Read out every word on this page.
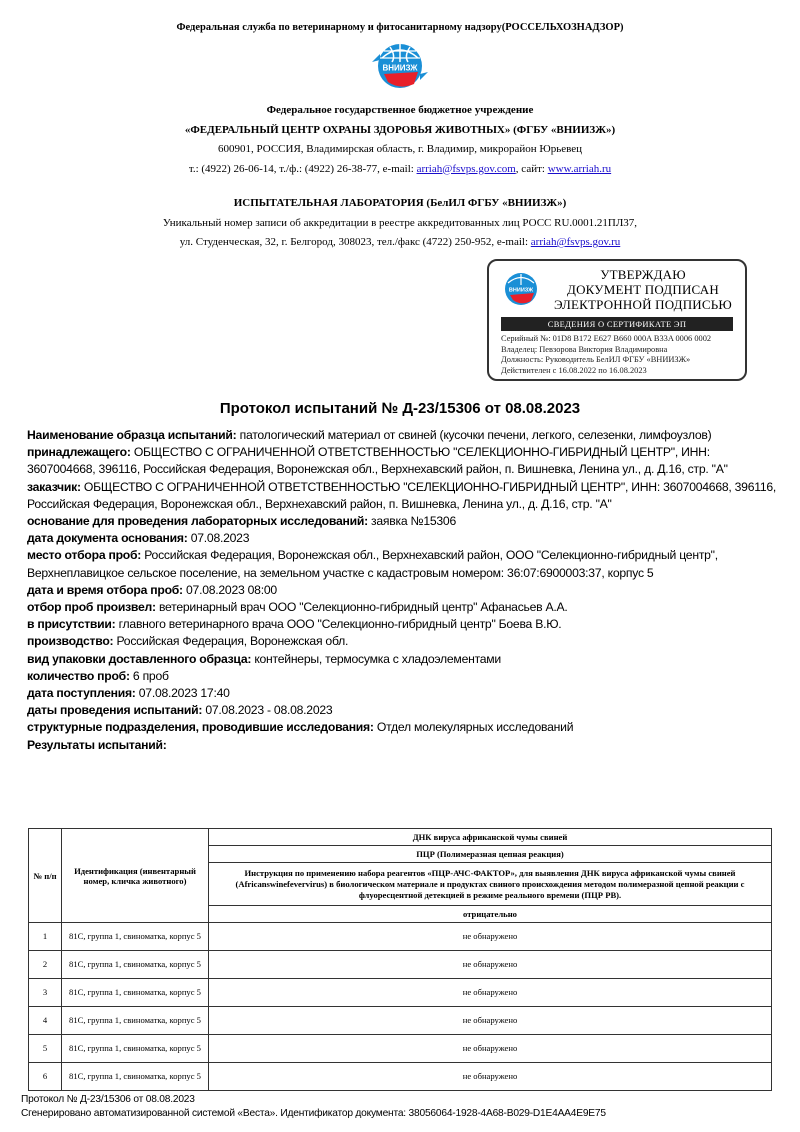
Федеральная служба по ветеринарному и фитосанитарному надзору(РОССЕЛЬХОЗНАДЗОР)
ВНИИЗЖ
Федеральное государственное бюджетное учреждение
«ФЕДЕРАЛЬНЫЙ ЦЕНТР ОХРАНЫ ЗДОРОВЬЯ ЖИВОТНЫХ» (ФГБУ «ВНИИЗЖ»)
600901, РОССИЯ, Владимирская область, г. Владимир, микрорайон Юрьевец
т.: (4922) 26-06-14, т./ф.: (4922) 26-38-77, e-mail: arriah@fsvps.gov.com, сайт: www.arriah.ru
ИСПЫТАТЕЛЬНАЯ ЛАБОРАТОРИЯ (БелИЛ ФГБУ «ВНИИЗЖ»)
Уникальный номер записи об аккредитации в реестре аккредитованных лиц РОСС RU.0001.21ПЛ37,
ул. Студенческая, 32, г. Белгород, 308023, тел./факс (4722) 250-952, e-mail: arriah@fsvps.gov.ru
ВНИИЗЖ
УТВЕРЖДАЮ
ДОКУМЕНТ ПОДПИСАН
ЭЛЕКТРОННОЙ ПОДПИСЬЮ
СВЕДЕНИЯ О СЕРТИФИКАТЕ ЭП
Серийный №: 01D8 B172 E627 B660 000A B33A 0006 0002
Владелец: Певзорова Виктория Владимировна
Должность: Руководитель БелИЛ ФГБУ «ВНИИЗЖ»
Действителен с 16.08.2022 по 16.08.2023
Протокол испытаний № Д-23/15306 от 08.08.2023

Наименование образца испытаний: патологический материал от свиней (кусочки печени, легкого, селезенки, лимфоузлов)

принадлежащего: ОБЩЕСТВО С ОГРАНИЧЕННОЙ ОТВЕТСТВЕННОСТЬЮ "СЕЛЕКЦИОННО-ГИБРИДНЫЙ ЦЕНТР", ИНН: 3607004668, 396116, Российская Федерация, Воронежская обл., Верхнехавский район, п. Вишневка, Ленина ул., д. Д.16, стр. "А"

заказчик: ОБЩЕСТВО С ОГРАНИЧЕННОЙ ОТВЕТСТВЕННОСТЬЮ "СЕЛЕКЦИОННО-ГИБРИДНЫЙ ЦЕНТР", ИНН: 3607004668, 396116, Российская Федерация, Воронежская обл., Верхнехавский район, п. Вишневка, Ленина ул., д. Д.16, стр. "А"

основание для проведения лабораторных исследований: заявка №15306

дата документа основания: 07.08.2023

место отбора проб: Российская Федерация, Воронежская обл., Верхнехавский район, ООО "Селекционно-гибридный центр", Верхнеплавицкое сельское поселение, на земельном участке с кадастровым номером: 36:07:6900003:37, корпус 5

дата и время отбора проб: 07.08.2023 08:00

отбор проб произвел: ветеринарный врач ООО "Селекционно-гибридный центр" Афанасьев А.А.

в присутствии: главного ветеринарного врача ООО "Селекционно-гибридный центр" Боева В.Ю.

производство: Российская Федерация, Воронежская обл.

вид упаковки доставленного образца: контейнеры, термосумка с хладоэлементами

количество проб: 6 проб

дата поступления: 07.08.2023 17:40

даты проведения испытаний: 07.08.2023 - 08.08.2023

структурные подразделения, проводившие исследования: Отдел молекулярных исследований

Результаты испытаний:

№ п/п	Идентификация (инвентарный номер, кличка животного)	ДНК вируса африканской чумы свиней
		ПЦР (Полимеразная цепная реакция)
		Инструкция по применению набора реагентов «ПЦР-АЧС-ФАКТОР», для выявления ДНК вируса африканской чумы свиней (Africanswinefevervirus) в биологическом материале и продуктах свиного происхождения методом полимеразной цепной реакции с флуоресцентной детекцией в режиме реального времени (ПЦР РВ).
		отрицательно
1	81С, группа 1, свиноматка, корпус 5	не обнаружено
2	81С, группа 1, свиноматка, корпус 5	не обнаружено
3	81С, группа 1, свиноматка, корпус 5	не обнаружено
4	81С, группа 1, свиноматка, корпус 5	не обнаружено
5	81С, группа 1, свиноматка, корпус 5	не обнаружено
6	81С, группа 1, свиноматка, корпус 5	не обнаружено
Протокол № Д-23/15306 от 08.08.2023
Сгенерировано автоматизированной системой «Веста». Идентификатор документа: 38056064-1928-4A68-B029-D1E4AA4E9E75
